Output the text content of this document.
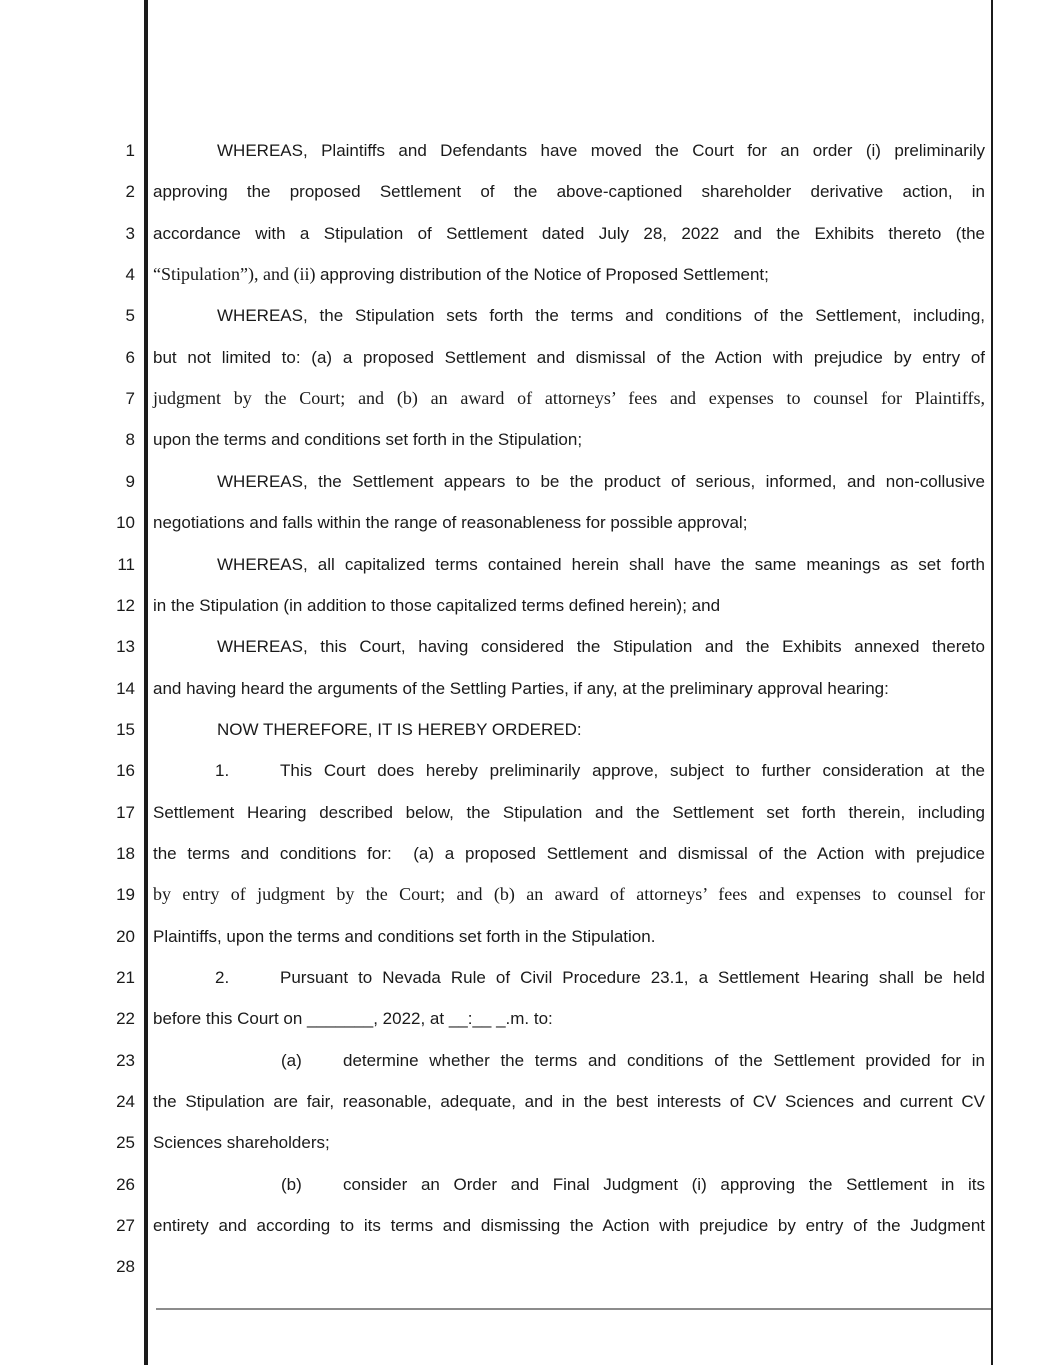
1
2
3
4
5
6
7
8
9
10
11
12
13
14
15
16
17
18
19
20
21
22
23
24
25
26
27
28
WHEREAS, Plaintiffs and Defendants have moved the Court for an order (i) preliminarily
approving the proposed Settlement of the above-captioned shareholder derivative action, in
accordance with a Stipulation of Settlement dated July 28, 2022 and the Exhibits thereto (the
“Stipulation”), and (ii) approving distribution of the Notice of Proposed Settlement;
WHEREAS, the Stipulation sets forth the terms and conditions of the Settlement, including,
but not limited to: (a) a proposed Settlement and dismissal of the Action with prejudice by entry of
judgment by the Court; and (b) an award of attorneys’ fees and expenses to counsel for Plaintiffs,
upon the terms and conditions set forth in the Stipulation;
WHEREAS, the Settlement appears to be the product of serious, informed, and non-collusive
negotiations and falls within the range of reasonableness for possible approval;
WHEREAS, all capitalized terms contained herein shall have the same meanings as set forth
in the Stipulation (in addition to those capitalized terms defined herein); and
WHEREAS, this Court, having considered the Stipulation and the Exhibits annexed thereto
and having heard the arguments of the Settling Parties, if any, at the preliminary approval hearing:
NOW THEREFORE, IT IS HEREBY ORDERED:
1.	This Court does hereby preliminarily approve, subject to further consideration at the
Settlement Hearing described below, the Stipulation and the Settlement set forth therein, including
the terms and conditions for:  (a) a proposed Settlement and dismissal of the Action with prejudice
by entry of judgment by the Court; and (b) an award of attorneys’ fees and expenses to counsel for
Plaintiffs, upon the terms and conditions set forth in the Stipulation.
2.	Pursuant to Nevada Rule of Civil Procedure 23.1, a Settlement Hearing shall be held
before this Court on _______, 2022, at __:__ _.m. to:
(a) determine whether the terms and conditions of the Settlement provided for in
the Stipulation are fair, reasonable, adequate, and in the best interests of CV Sciences and current CV
Sciences shareholders;
(b) consider an Order and Final Judgment (i) approving the Settlement in its
entirety and according to its terms and dismissing the Action with prejudice by entry of the Judgment
